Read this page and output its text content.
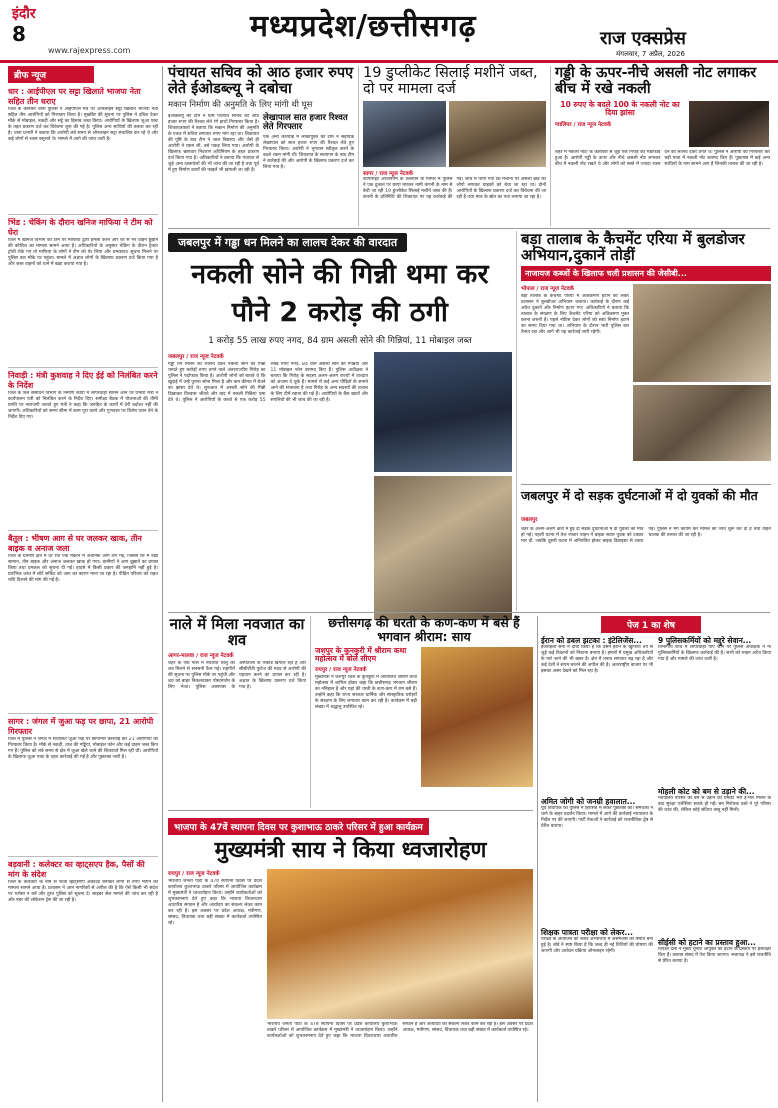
इंदौर
8
www.rajexpress.com
मध्यप्रदेश/छत्तीसगढ़	राज एक्सप्रेस
मंगलवार, 7 अप्रैल, 2026
ब्रीफ न्यूज
धार : आईपीएल पर सट्टा खिलाते भाजपा नेता सहित तीन धराए
जिले के कानवन थाना पुलिस ने आईपीएल मैच पर ऑनलाइन सट्टा खिलाते भाजपा नेता सहित तीन आरोपियों को गिरफ्तार किया है। मुखबिर की सूचना पर पुलिस ने दबिश देकर मौके से मोबाइल, नकदी और सट्टे का हिसाब जब्त किया। आरोपियों के खिलाफ जुआ एक्ट के तहत प्रकरण दर्ज कर विवेचना शुरू की गई है। पुलिस अन्य साथियों की तलाश कर रही है। थाना प्रभारी ने बताया कि आरोपी लंबे समय से ऑनलाइन सट्टा संचालित कर रहे थे और कई लोगों से रकम वसूलते थे। मामले में आगे की जांच जारी है।
भिंड : चेकिंग के दौरान खनिज माफिया ने टीम को घेरा
जिले में खनिज विभाग की टीम पर माफिया द्वारा हमला करने और रेत से भरे वाहन छुड़ाने की कोशिश का मामला सामने आया है। अधिकारियों के अनुसार चेकिंग के दौरान ट्रैक्टर ट्रॉली रोके गए तो माफिया के लोगों ने टीम को घेर लिया और धमकाया। सूचना मिलने पर पुलिस बल मौके पर पहुंचा। मामले में अज्ञात लोगों के खिलाफ प्रकरण दर्ज किया गया है और जब्त वाहनों को थाने में खड़ा कराया गया है।
निवाड़ी : मंत्री कुशवाह ने दिए ईई को निलंबित करने के निर्देश
जिले के जल संसाधन विभाग के निर्माण कार्यों में लापरवाही सामने आने पर प्रभारी मंत्री ने कार्यपालन यंत्री को निलंबित करने के निर्देश दिए। समीक्षा बैठक में योजनाओं की धीमी प्रगति पर नाराजगी जताते हुए मंत्री ने कहा कि जनहित के कार्यों में देरी बर्दाश्त नहीं की जाएगी। अधिकारियों को समय सीमा में काम पूरा करने और गुणवत्ता पर विशेष ध्यान देने के निर्देश दिए गए।
बैतूल : भीषण आग से घर जलकर खाक, तीन बाइक व अनाज जला
जिले के ग्रामीण क्षेत्र में देर रात एक मकान में अचानक आग लग गई, जिससे घर में रखा सामान, तीन बाइक और अनाज जलकर खाक हो गया। ग्रामीणों ने आग बुझाने का प्रयास किया तथा दमकल को सूचना दी गई। हादसे में किसी प्रकार की जनहानि नहीं हुई है। प्रारंभिक जांच में शॉर्ट सर्किट को आग का कारण माना जा रहा है। पीड़ित परिवार को राहत राशि दिलाने की मांग की गई है।
सागर : जंगल में जुआ फड़ पर छापा, 21 आरोपी गिरफ्तार
जिले में पुलिस ने जंगल में संचालित जुआ फड़ पर छापामार कार्रवाई कर 21 आरोपियों को गिरफ्तार किया है। मौके से नकदी, ताश की गड्डियां, मोबाइल फोन और कई वाहन जब्त किए गए हैं। पुलिस को लंबे समय से क्षेत्र में जुआ खेले जाने की शिकायतें मिल रही थीं। आरोपियों के खिलाफ जुआ एक्ट के तहत कार्रवाई की गई है और पूछताछ जारी है।
बड़वानी : कलेक्टर का व्हाट्सएप हैक, पैसों की मांग के संदेश
जिले के कलेक्टर के नाम से फर्जी व्हाट्सएप अकाउंट बनाकर लोगों से रुपए मांगने का मामला सामने आया है। प्रशासन ने आम नागरिकों से अपील की है कि ऐसे किसी भी संदेश पर भरोसा न करें और तुरंत पुलिस को सूचना दें। साइबर सेल मामले की जांच कर रही है और नंबर की लोकेशन ट्रेस की जा रही है।
पंचायत सचिव को आठ हजार रुपए लेते ईओडब्ल्यू ने दबोचा
मकान निर्माण की अनुमति के लिए मांगी थी घूस
ईओडब्ल्यू की टीम ने ग्राम पंचायत सचिव को आठ हजार रुपए की रिश्वत लेते रंगे हाथों गिरफ्तार किया है। शिकायतकर्ता ने बताया कि मकान निर्माण की अनुमति के एवज में सचिव लगातार रुपए मांग रहा था। शिकायत की पुष्टि के बाद टीम ने जाल बिछाया और जैसे ही आरोपी ने रकम ली, उसे पकड़ लिया गया। आरोपी के खिलाफ भ्रष्टाचार निवारण अधिनियम के तहत प्रकरण दर्ज किया गया है। अधिकारियों ने बताया कि पंचायत से जुड़े अन्य दस्तावेजों की भी जांच की जा रही है तथा पूर्व में हुए निर्माण कार्यों की फाइलें भी खंगाली जा रही हैं।
लेखापाल सात हजार रिश्वत लेते गिरफ्तार
एक अन्य कार्रवाई में लोकायुक्त की टीम ने सहायक लेखापाल को सात हजार रुपए की रिश्वत लेते हुए गिरफ्तार किया। आरोपी ने भुगतान स्वीकृत करने के बदले रकम मांगी थी। शिकायत के सत्यापन के बाद टीम ने कार्रवाई की और आरोपी के खिलाफ प्रकरण दर्ज कर लिया गया है।
19 डुप्लीकेट सिलाई मशीनें जब्त, दो पर मामला दर्ज
सागर / राज न्यूज नेटवर्क
कॉपीराइट अधिनियम के उल्लंघन के मामले में पुलिस ने एक दुकान पर छापा मारकर नामी कंपनी के नाम से बेची जा रही 19 डुप्लीकेट सिलाई मशीनें जब्त की हैं। कंपनी के प्रतिनिधि की शिकायत पर यह कार्रवाई की गई। जांच में पाया गया कि मशीनों पर असली ब्रांड का लोगो लगाकर ग्राहकों को बेचा जा रहा था। दोनों आरोपियों के खिलाफ प्रकरण दर्ज कर विवेचना की जा रही है तथा माल के स्रोत का पता लगाया जा रहा है।
गड्डी के ऊपर-नीचे असली नोट लगाकर बीच में रखे नकली
10 रुपए के बदले 100 के नकली नोट का दिया झांसा
ग्वालियर / राज न्यूज नेटवर्क
शहर में नकली नोटों के कारोबार से जुड़े एक गिरोह का भंडाफोड़ हुआ है। आरोपी गड्डी के ऊपर और नीचे असली नोट लगाकर बीच में नकली नोट रखते थे और लोगों को सस्ते में ज्यादा रकम देने का लालच देकर ठगते थे। पुलिस ने आरोपी को गिरफ्तार कर बड़ी मात्रा में नकली नोट बरामद किए हैं। पूछताछ में कई अन्य साथियों के नाम सामने आए हैं जिनकी तलाश की जा रही है।
जबलपुर में गड्ढा धन मिलने का लालच देकर की वारदात
नकली सोने की गिन्नी थमा कर पौने 2 करोड़ की ठगी
1 करोड़ 55 लाख रुपए नगद, 84 ग्राम असली सोने की गिन्नियां, 11 मोबाइल जब्त
जबलपुर / राज न्यूज नेटवर्क
गड्ढा धन मिलने का लालच देकर नकली सोने की गिन्नी थमाते हुए करोड़ों रुपए ठगने वाले अंतरराज्यीय गिरोह का पुलिस ने पर्दाफाश किया है। आरोपी लोगों को बताते थे कि खुदाई में उन्हें पुराना सोना मिला है और कम कीमत में बेचने का झांसा देते थे। शुरुआत में असली सोने की गिन्नी दिखाकर विश्वास जीतते और बाद में नकली गिन्नियां थमा देते थे। पुलिस ने आरोपियों के कब्जे से एक करोड़ 55 लाख रुपए नगद, 84 ग्राम असली सोने की गिन्नियां और 11 मोबाइल फोन बरामद किए हैं। पुलिस अधीक्षक ने बताया कि गिरोह के सदस्य अलग-अलग राज्यों में वारदात को अंजाम दे चुके हैं। मामले में कई अन्य पीड़ितों के सामने आने की संभावना है तथा गिरोह के अन्य सदस्यों की तलाश के लिए टीमें रवाना की गई हैं। आरोपियों के बैंक खातों और संपत्तियों की भी जांच की जा रही है।
बड़ा तालाब के कैचमेंट एरिया में बुलडोजर अभियान,दुकानें तोड़ीं
नाजायज कब्जों के खिलाफ चली प्रशासन की जेसीबी...
भोपाल / राज न्यूज नेटवर्क
बड़ा तालाब के कैचमेंट एरिया में अतिक्रमण हटाने को लेकर प्रशासन ने बुलडोजर अभियान चलाया। कार्रवाई के दौरान कई अवैध दुकानें और निर्माण हटाए गए। अधिकारियों ने बताया कि तालाब के संरक्षण के लिए कैचमेंट एरिया को अतिक्रमण मुक्त करना जरूरी है। पहले नोटिस देकर लोगों को स्वयं निर्माण हटाने का समय दिया गया था। अभियान के दौरान भारी पुलिस बल तैनात रहा और आगे भी यह कार्रवाई जारी रहेगी।
जबलपुर में दो सड़क दुर्घटनाओं में दो युवकों की मौत
जबलपुर
शहर के अलग-अलग क्षेत्रों में हुई दो सड़क दुर्घटनाओं में दो युवकों की मौत हो गई। पहली घटना में तेज रफ्तार वाहन ने बाइक सवार युवक को टक्कर मार दी, जबकि दूसरी घटना में अनियंत्रित होकर बाइक डिवाइडर से टकरा गई। पुलिस ने मर्ग कायम कर मामले की जांच शुरू कर दी है तथा वाहन चालक की तलाश की जा रही है।
नाले में मिला नवजात का शव
आगर-मालवा / राज न्यूज नेटवर्क
शहर के एक नाले में नवजात शिशु का शव मिलने से सनसनी फैल गई। राहगीरों की सूचना पर पुलिस मौके पर पहुंची और शव को बाहर निकलवाकर पोस्टमार्टम के लिए भेजा। पुलिस आसपास के अस्पतालों के रिकॉर्ड खंगाल रही है और सीसीटीवी फुटेज की मदद से आरोपी की पहचान करने का प्रयास कर रही है। अज्ञात के खिलाफ प्रकरण दर्ज किया गया है।
छत्तीसगढ़ की धरती के कण-कण में बसे हैं भगवान श्रीराम: साय
जशपुर के कुनकुरी में श्रीराम कथा महोत्सव में बोले सीएम
रायपुर / राज न्यूज नेटवर्क
मुख्यमंत्री ने जशपुर जिले के कुनकुरी में आयोजित श्रीराम कथा महोत्सव में शामिल होकर कहा कि छत्तीसगढ़ भगवान श्रीराम का ननिहाल है और यहां की धरती के कण-कण में राम बसे हैं। उन्होंने कहा कि राज्य सरकार धार्मिक और सांस्कृतिक धरोहरों के संरक्षण के लिए लगातार काम कर रही है। कार्यक्रम में बड़ी संख्या में श्रद्धालु उपस्थित रहे।
भाजपा के 47वें स्थापना दिवस पर कुशाभाऊ ठाकरे परिसर में हुआ कार्यक्रम
मुख्यमंत्री साय ने किया ध्वजारोहण
रायपुर / राज न्यूज नेटवर्क
भारतीय जनता पार्टी के 47वें स्थापना दिवस पर प्रदेश कार्यालय कुशाभाऊ ठाकरे परिसर में आयोजित कार्यक्रम में मुख्यमंत्री ने ध्वजारोहण किया। उन्होंने कार्यकर्ताओं को शुभकामनाएं देते हुए कहा कि भाजपा विचारधारा आधारित संगठन है और अंत्योदय का संकल्प लेकर काम कर रही है। इस अवसर पर प्रदेश अध्यक्ष, मंत्रीगण, सांसद, विधायक तथा बड़ी संख्या में कार्यकर्ता उपस्थित रहे।
भारतीय जनता पार्टी के 47वें स्थापना दिवस पर प्रदेश कार्यालय कुशाभाऊ ठाकरे परिसर में आयोजित कार्यक्रम में मुख्यमंत्री ने ध्वजारोहण किया। उन्होंने कार्यकर्ताओं को शुभकामनाएं देते हुए कहा कि भाजपा विचारधारा आधारित संगठन है और अंत्योदय का संकल्प लेकर काम कर रही है। इस अवसर पर प्रदेश अध्यक्ष, मंत्रीगण, सांसद, विधायक तथा बड़ी संख्या में कार्यकर्ता उपस्थित रहे।
पेज 1 का शेष
ईरान को डबल झटका : इंटेलिजेंस...
इजराइली सेना ने दावा किया है कि उसने ईरान के खुफिया तंत्र से जुड़े कई ठिकानों को निशाना बनाया है। हमलों में प्रमुख अधिकारियों के मारे जाने की भी खबर है। क्षेत्र में तनाव लगातार बढ़ रहा है और कई देशों ने संयम बरतने की अपील की है। अंतरराष्ट्रीय बाजार पर भी इसका असर देखने को मिल रहा है।
अमित जोगी को जनम्री हवालात...
पूर्व विधायक को पुलिस ने हिरासत में लेकर पूछताछ की। समर्थकों ने थाने के बाहर प्रदर्शन किया। मामले में आगे की कार्रवाई न्यायालय के निर्देश पर की जाएगी। पार्टी नेताओं ने कार्रवाई को राजनीतिक द्वेष से प्रेरित बताया।
शिक्षक पात्रता परीक्षा को लेकर...
परीक्षा के आयोजन को लेकर अभ्यर्थियों में असमंजस की स्थिति बनी हुई है। बोर्ड ने स्पष्ट किया है कि जल्द ही नई तिथियों की घोषणा की जाएगी और आवेदन प्रक्रिया ऑनलाइन रहेगी।
9 पुलिसकर्मियों को मद्दुरे सेवान...
विभागीय जांच में लापरवाही पाए जाने पर पुलिस अधीक्षक ने नौ पुलिसकर्मियों के खिलाफ कार्रवाई की है। सभी को लाइन अटैच किया गया है और मामले की जांच जारी है।
मोहली कोट को बम से उड़ाने की...
न्यायालय परिसर को बम से उड़ाने की धमकी भरा ई-मेल मिलने के बाद सुरक्षा एजेंसियां सतर्क हो गईं। बम निरोधक दस्ते ने पूरे परिसर की जांच की, लेकिन कोई संदिग्ध वस्तु नहीं मिली।
सीईसी को हटाने का प्रस्ताव हुआ...
विपक्षी दलों ने मुख्य चुनाव आयुक्त को हटाने के प्रस्ताव पर हस्ताक्षर किए हैं। प्रस्ताव संसद में पेश किया जाएगा। सत्तापक्ष ने इसे राजनीति से प्रेरित बताया है।
